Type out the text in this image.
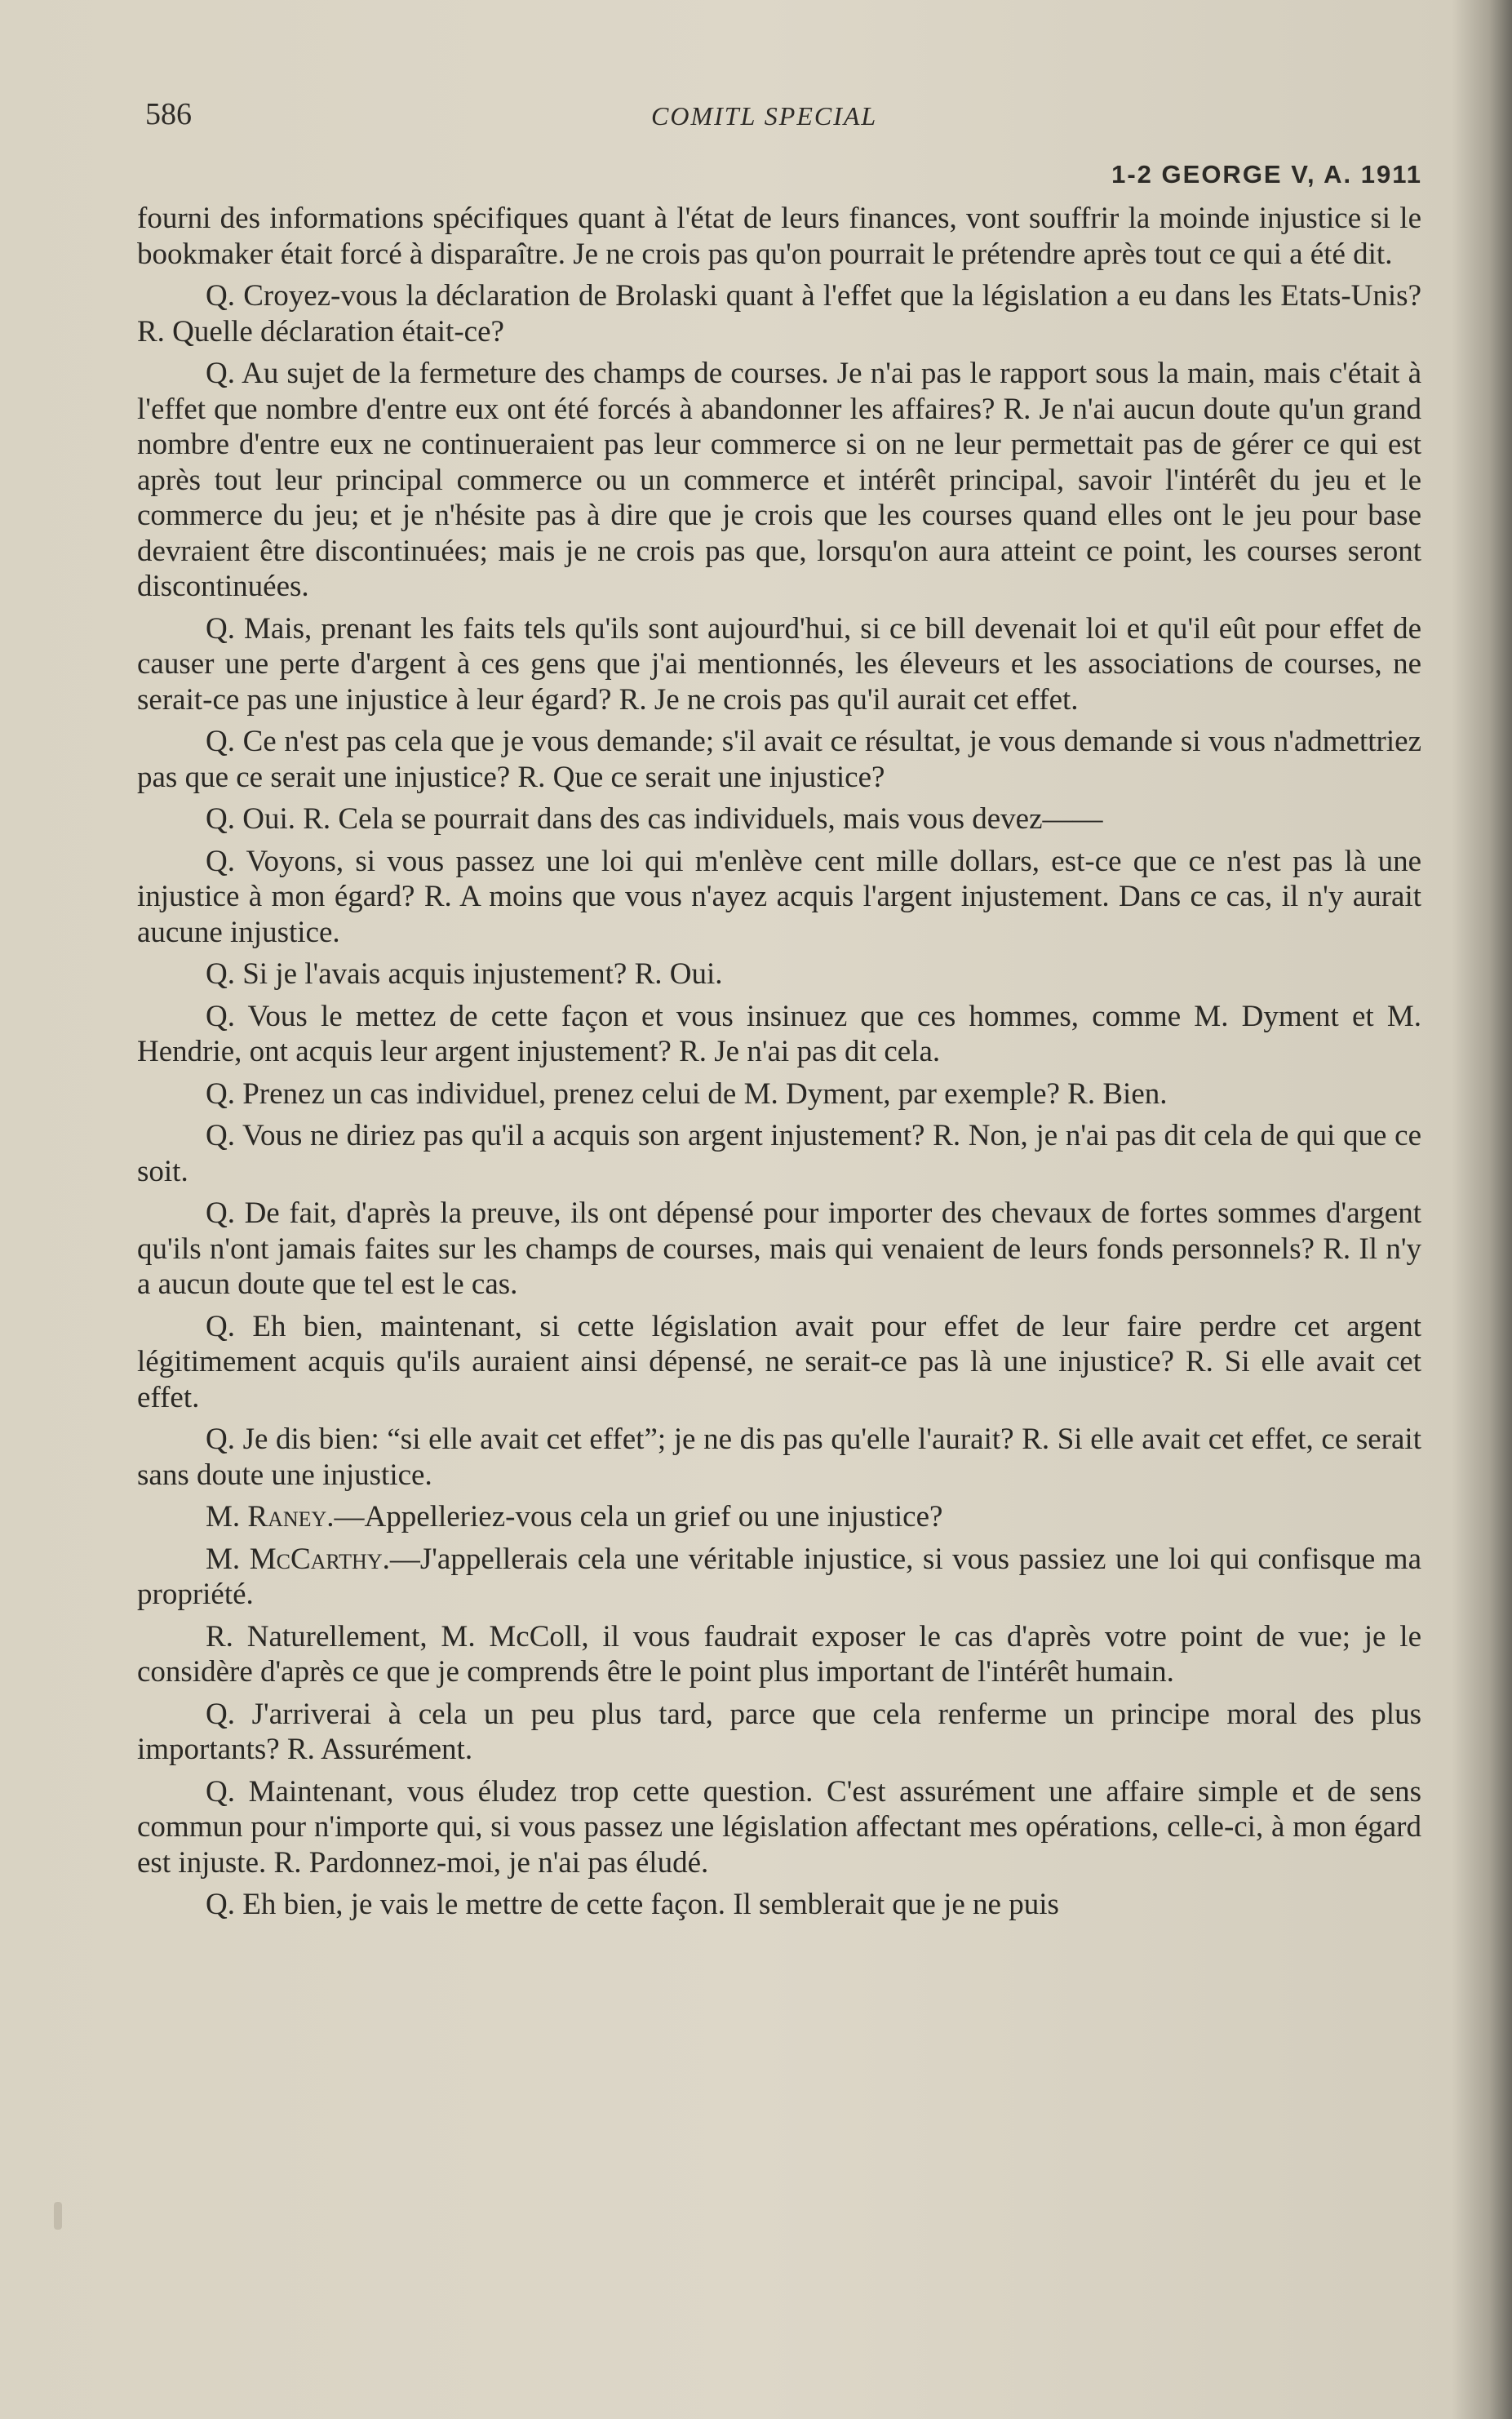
586	COMITL SPECIAL
1-2 GEORGE V, A. 1911

fourni des informations spécifiques quant à l'état de leurs finances, vont souffrir la moinde injustice si le bookmaker était forcé à disparaître. Je ne crois pas qu'on pourrait le prétendre après tout ce qui a été dit.

Q. Croyez-vous la déclaration de Brolaski quant à l'effet que la législation a eu dans les Etats-Unis? R. Quelle déclaration était-ce?

Q. Au sujet de la fermeture des champs de courses. Je n'ai pas le rapport sous la main, mais c'était à l'effet que nombre d'entre eux ont été forcés à abandonner les affaires? R. Je n'ai aucun doute qu'un grand nombre d'entre eux ne continueraient pas leur commerce si on ne leur permettait pas de gérer ce qui est après tout leur principal commerce ou un commerce et intérêt principal, savoir l'intérêt du jeu et le commerce du jeu; et je n'hésite pas à dire que je crois que les courses quand elles ont le jeu pour base devraient être discontinuées; mais je ne crois pas que, lorsqu'on aura atteint ce point, les courses seront discontinuées.

Q. Mais, prenant les faits tels qu'ils sont aujourd'hui, si ce bill devenait loi et qu'il eût pour effet de causer une perte d'argent à ces gens que j'ai mentionnés, les éleveurs et les associations de courses, ne serait-ce pas une injustice à leur égard? R. Je ne crois pas qu'il aurait cet effet.

Q. Ce n'est pas cela que je vous demande; s'il avait ce résultat, je vous demande si vous n'admettriez pas que ce serait une injustice? R. Que ce serait une injustice?

Q. Oui. R. Cela se pourrait dans des cas individuels, mais vous devez——

Q. Voyons, si vous passez une loi qui m'enlève cent mille dollars, est-ce que ce n'est pas là une injustice à mon égard? R. A moins que vous n'ayez acquis l'argent injustement. Dans ce cas, il n'y aurait aucune injustice.

Q. Si je l'avais acquis injustement? R. Oui.

Q. Vous le mettez de cette façon et vous insinuez que ces hommes, comme M. Dyment et M. Hendrie, ont acquis leur argent injustement? R. Je n'ai pas dit cela.

Q. Prenez un cas individuel, prenez celui de M. Dyment, par exemple? R. Bien.

Q. Vous ne diriez pas qu'il a acquis son argent injustement? R. Non, je n'ai pas dit cela de qui que ce soit.

Q. De fait, d'après la preuve, ils ont dépensé pour importer des chevaux de fortes sommes d'argent qu'ils n'ont jamais faites sur les champs de courses, mais qui venaient de leurs fonds personnels? R. Il n'y a aucun doute que tel est le cas.

Q. Eh bien, maintenant, si cette législation avait pour effet de leur faire perdre cet argent légitimement acquis qu'ils auraient ainsi dépensé, ne serait-ce pas là une injustice? R. Si elle avait cet effet.

Q. Je dis bien: “si elle avait cet effet”; je ne dis pas qu'elle l'aurait? R. Si elle avait cet effet, ce serait sans doute une injustice.

M. Raney.—Appelleriez-vous cela un grief ou une injustice?

M. McCarthy.—J'appellerais cela une véritable injustice, si vous passiez une loi qui confisque ma propriété.

R. Naturellement, M. McColl, il vous faudrait exposer le cas d'après votre point de vue; je le considère d'après ce que je comprends être le point plus important de l'intérêt humain.

Q. J'arriverai à cela un peu plus tard, parce que cela renferme un principe moral des plus importants? R. Assurément.

Q. Maintenant, vous éludez trop cette question. C'est assurément une affaire simple et de sens commun pour n'importe qui, si vous passez une législation affectant mes opérations, celle-ci, à mon égard est injuste. R. Pardonnez-moi, je n'ai pas éludé.

Q. Eh bien, je vais le mettre de cette façon. Il semblerait que je ne puis
